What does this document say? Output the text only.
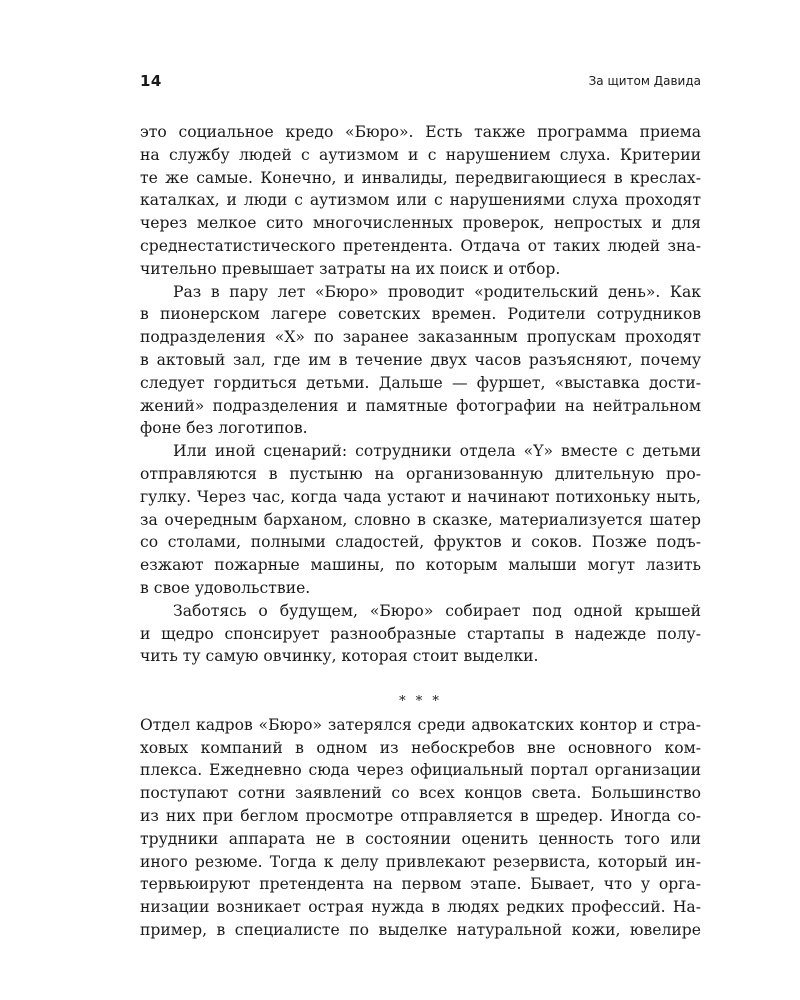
14	За щитом Давида

это социальное кредо «Бюро». Есть также программа приема

на службу людей с аутизмом и с нарушением слуха. Критерии

те же самые. Конечно, и инвалиды, передвигающиеся в креслах-

каталках, и люди с аутизмом или с нарушениями слуха проходят

через мелкое сито многочисленных проверок, непростых и для

среднестатистического претендента. Отдача от таких людей зна-

чительно превышает затраты на их поиск и отбор.

Раз в пару лет «Бюро» проводит «родительский день». Как

в пионерском лагере советских времен. Родители сотрудников

подразделения «Х» по заранее заказанным пропускам проходят

в актовый зал, где им в течение двух часов разъясняют, почему

следует гордиться детьми. Дальше — фуршет, «выставка дости-

жений» подразделения и памятные фотографии на нейтральном

фоне без логотипов.

Или иной сценарий: сотрудники отдела «Y» вместе с детьми

отправляются в пустыню на организованную длительную про-

гулку. Через час, когда чада устают и начинают потихоньку ныть,

за очередным барханом, словно в сказке, материализуется шатер

со столами, полными сладостей, фруктов и соков. Позже подъ-

езжают пожарные машины, по которым малыши могут лазить

в свое удовольствие.

Заботясь о будущем, «Бюро» собирает под одной крышей

и щедро спонсирует разнообразные стартапы в надежде полу-

чить ту самую овчинку, которая стоит выделки.

* * *

Отдел кадров «Бюро» затерялся среди адвокатских контор и стра-

ховых компаний в одном из небоскребов вне основного ком-

плекса. Ежедневно сюда через официальный портал организации

поступают сотни заявлений со всех концов света. Большинство

из них при беглом просмотре отправляется в шредер. Иногда со-

трудники аппарата не в состоянии оценить ценность того или

иного резюме. Тогда к делу привлекают резервиста, который ин-

тервьюируют претендента на первом этапе. Бывает, что у орга-

низации возникает острая нужда в людях редких профессий. На-

пример, в специалисте по выделке натуральной кожи, ювелире
